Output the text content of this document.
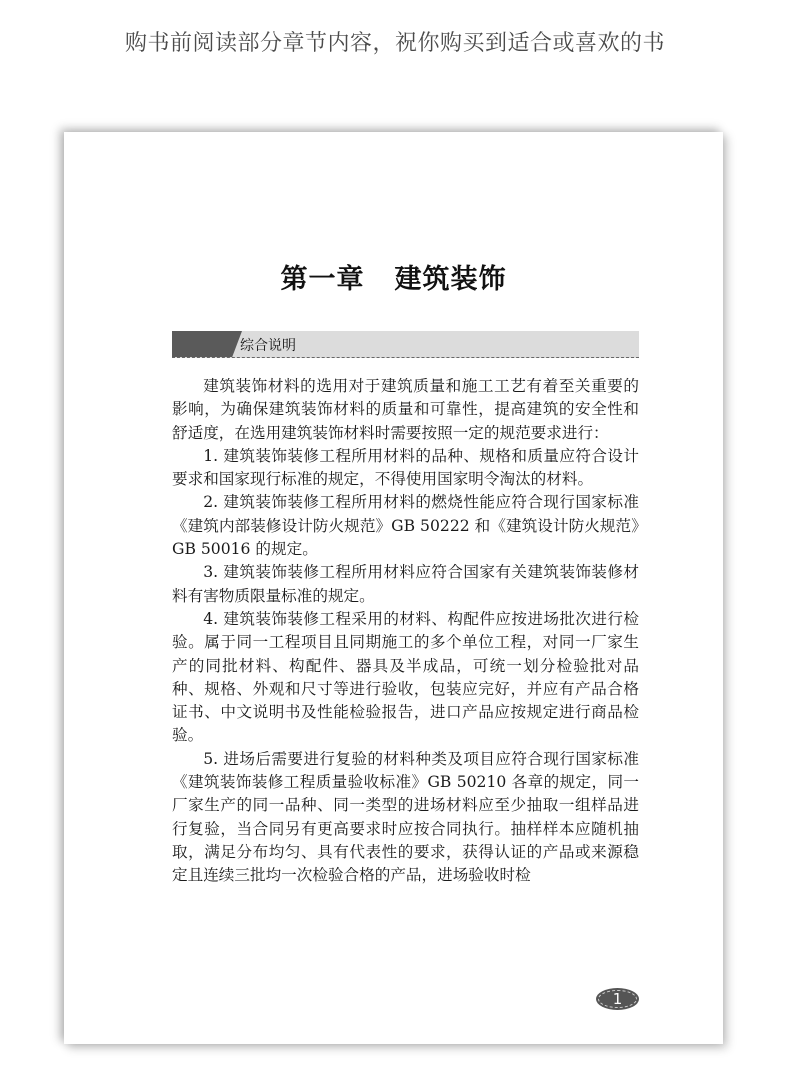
购书前阅读部分章节内容，祝你购买到适合或喜欢的书
第一章 建筑装饰
综合说明

建筑装饰材料的选用对于建筑质量和施工工艺有着至关重要的影响，为确保建筑装饰材料的质量和可靠性，提高建筑的安全性和舒适度，在选用建筑装饰材料时需要按照一定的规范要求进行：

1. 建筑装饰装修工程所用材料的品种、规格和质量应符合设计要求和国家现行标准的规定，不得使用国家明令淘汰的材料。

2. 建筑装饰装修工程所用材料的燃烧性能应符合现行国家标准《建筑内部装修设计防火规范》GB 50222 和《建筑设计防火规范》GB 50016 的规定。

3. 建筑装饰装修工程所用材料应符合国家有关建筑装饰装修材料有害物质限量标准的规定。

4. 建筑装饰装修工程采用的材料、构配件应按进场批次进行检验。属于同一工程项目且同期施工的多个单位工程，对同一厂家生产的同批材料、构配件、器具及半成品，可统一划分检验批对品种、规格、外观和尺寸等进行验收，包装应完好，并应有产品合格证书、中文说明书及性能检验报告，进口产品应按规定进行商品检验。

5. 进场后需要进行复验的材料种类及项目应符合现行国家标准《建筑装饰装修工程质量验收标准》GB 50210 各章的规定，同一厂家生产的同一品种、同一类型的进场材料应至少抽取一组样品进行复验，当合同另有更高要求时应按合同执行。抽样样本应随机抽取，满足分布均匀、具有代表性的要求，获得认证的产品或来源稳定且连续三批均一次检验合格的产品，进场验收时检

1
